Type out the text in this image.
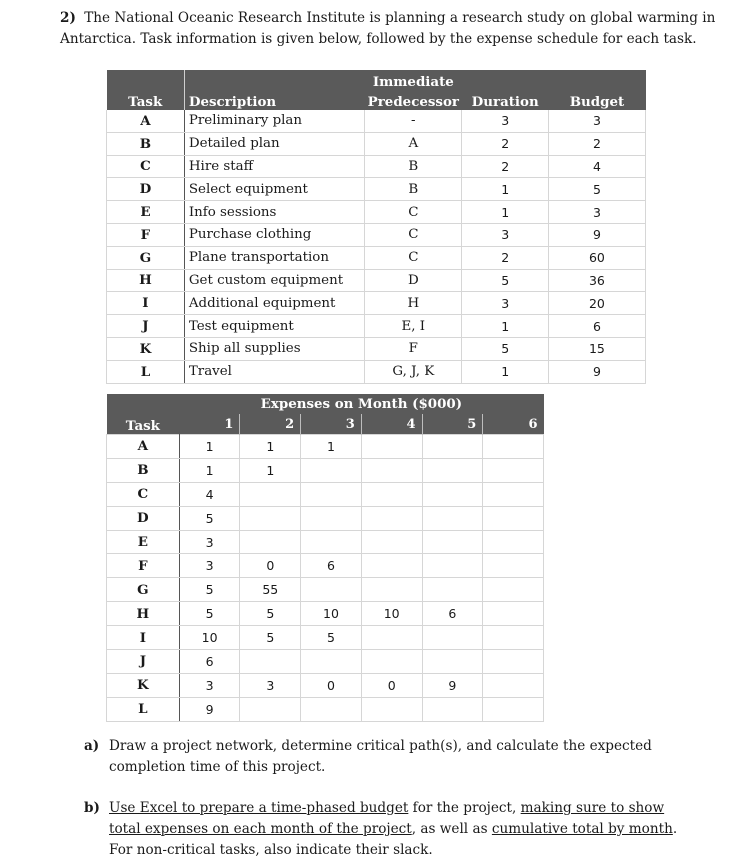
2) The National Oceanic Research Institute is planning a research study on global warming in Antarctica. Task information is given below, followed by the expense schedule for each task.
		Immediate		
Task	Description	Predecessor	Duration	Budget
A	Preliminary plan	-	3	3
B	Detailed plan	A	2	2
C	Hire staff	B	2	4
D	Select equipment	B	1	5
E	Info sessions	C	1	3
F	Purchase clothing	C	3	9
G	Plane transportation	C	2	60
H	Get custom equipment	D	5	36
I	Additional equipment	H	3	20
J	Test equipment	E, I	1	6
K	Ship all supplies	F	5	15
L	Travel	G, J, K	1	9
Task	Expenses on Month ($000)					
	1	2	3	4	5	6
A	1	1	1			
B	1	1				
C	4					
D	5					
E	3					
F	3	0	6			
G	5	55				
H	5	5	10	10	6	
I	10	5	5			
J	6					
K	3	3	0	0	9	
L	9					
a) Draw a project network, determine critical path(s), and calculate the expected completion time of this project.
b) Use Excel to prepare a time-phased budget for the project, making sure to show total expenses on each month of the project, as well as cumulative total by month. For non-critical tasks, also indicate their slack.
